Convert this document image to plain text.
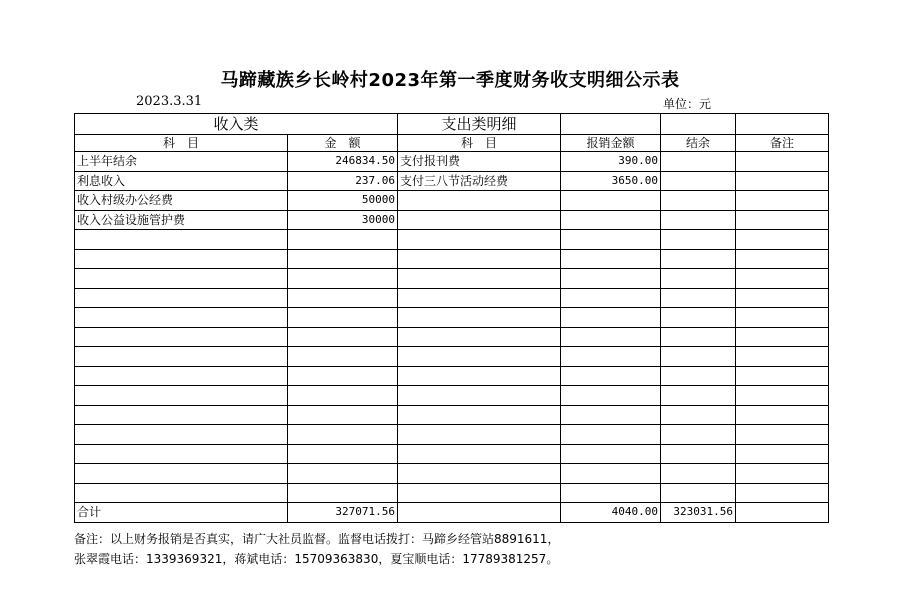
马蹄藏族乡长岭村2023年第一季度财务收支明细公示表
2023.3.31	单位：元
收入类		支出类明细			
科　目	金　额	科　目	报销金额	结余	备注
上半年结余	246834.50	支付报刊费	390.00		
利息收入	237.06	支付三八节活动经费	3650.00		
收入村级办公经费	50000				
收入公益设施管护费	30000				

合计	327071.56		4040.00	323031.56	
备注：以上财务报销是否真实，请广大社员监督。监督电话拨打：马蹄乡经管站8891611，
张翠霞电话：1339369321，蒋斌电话：15709363830，夏宝顺电话：17789381257。
